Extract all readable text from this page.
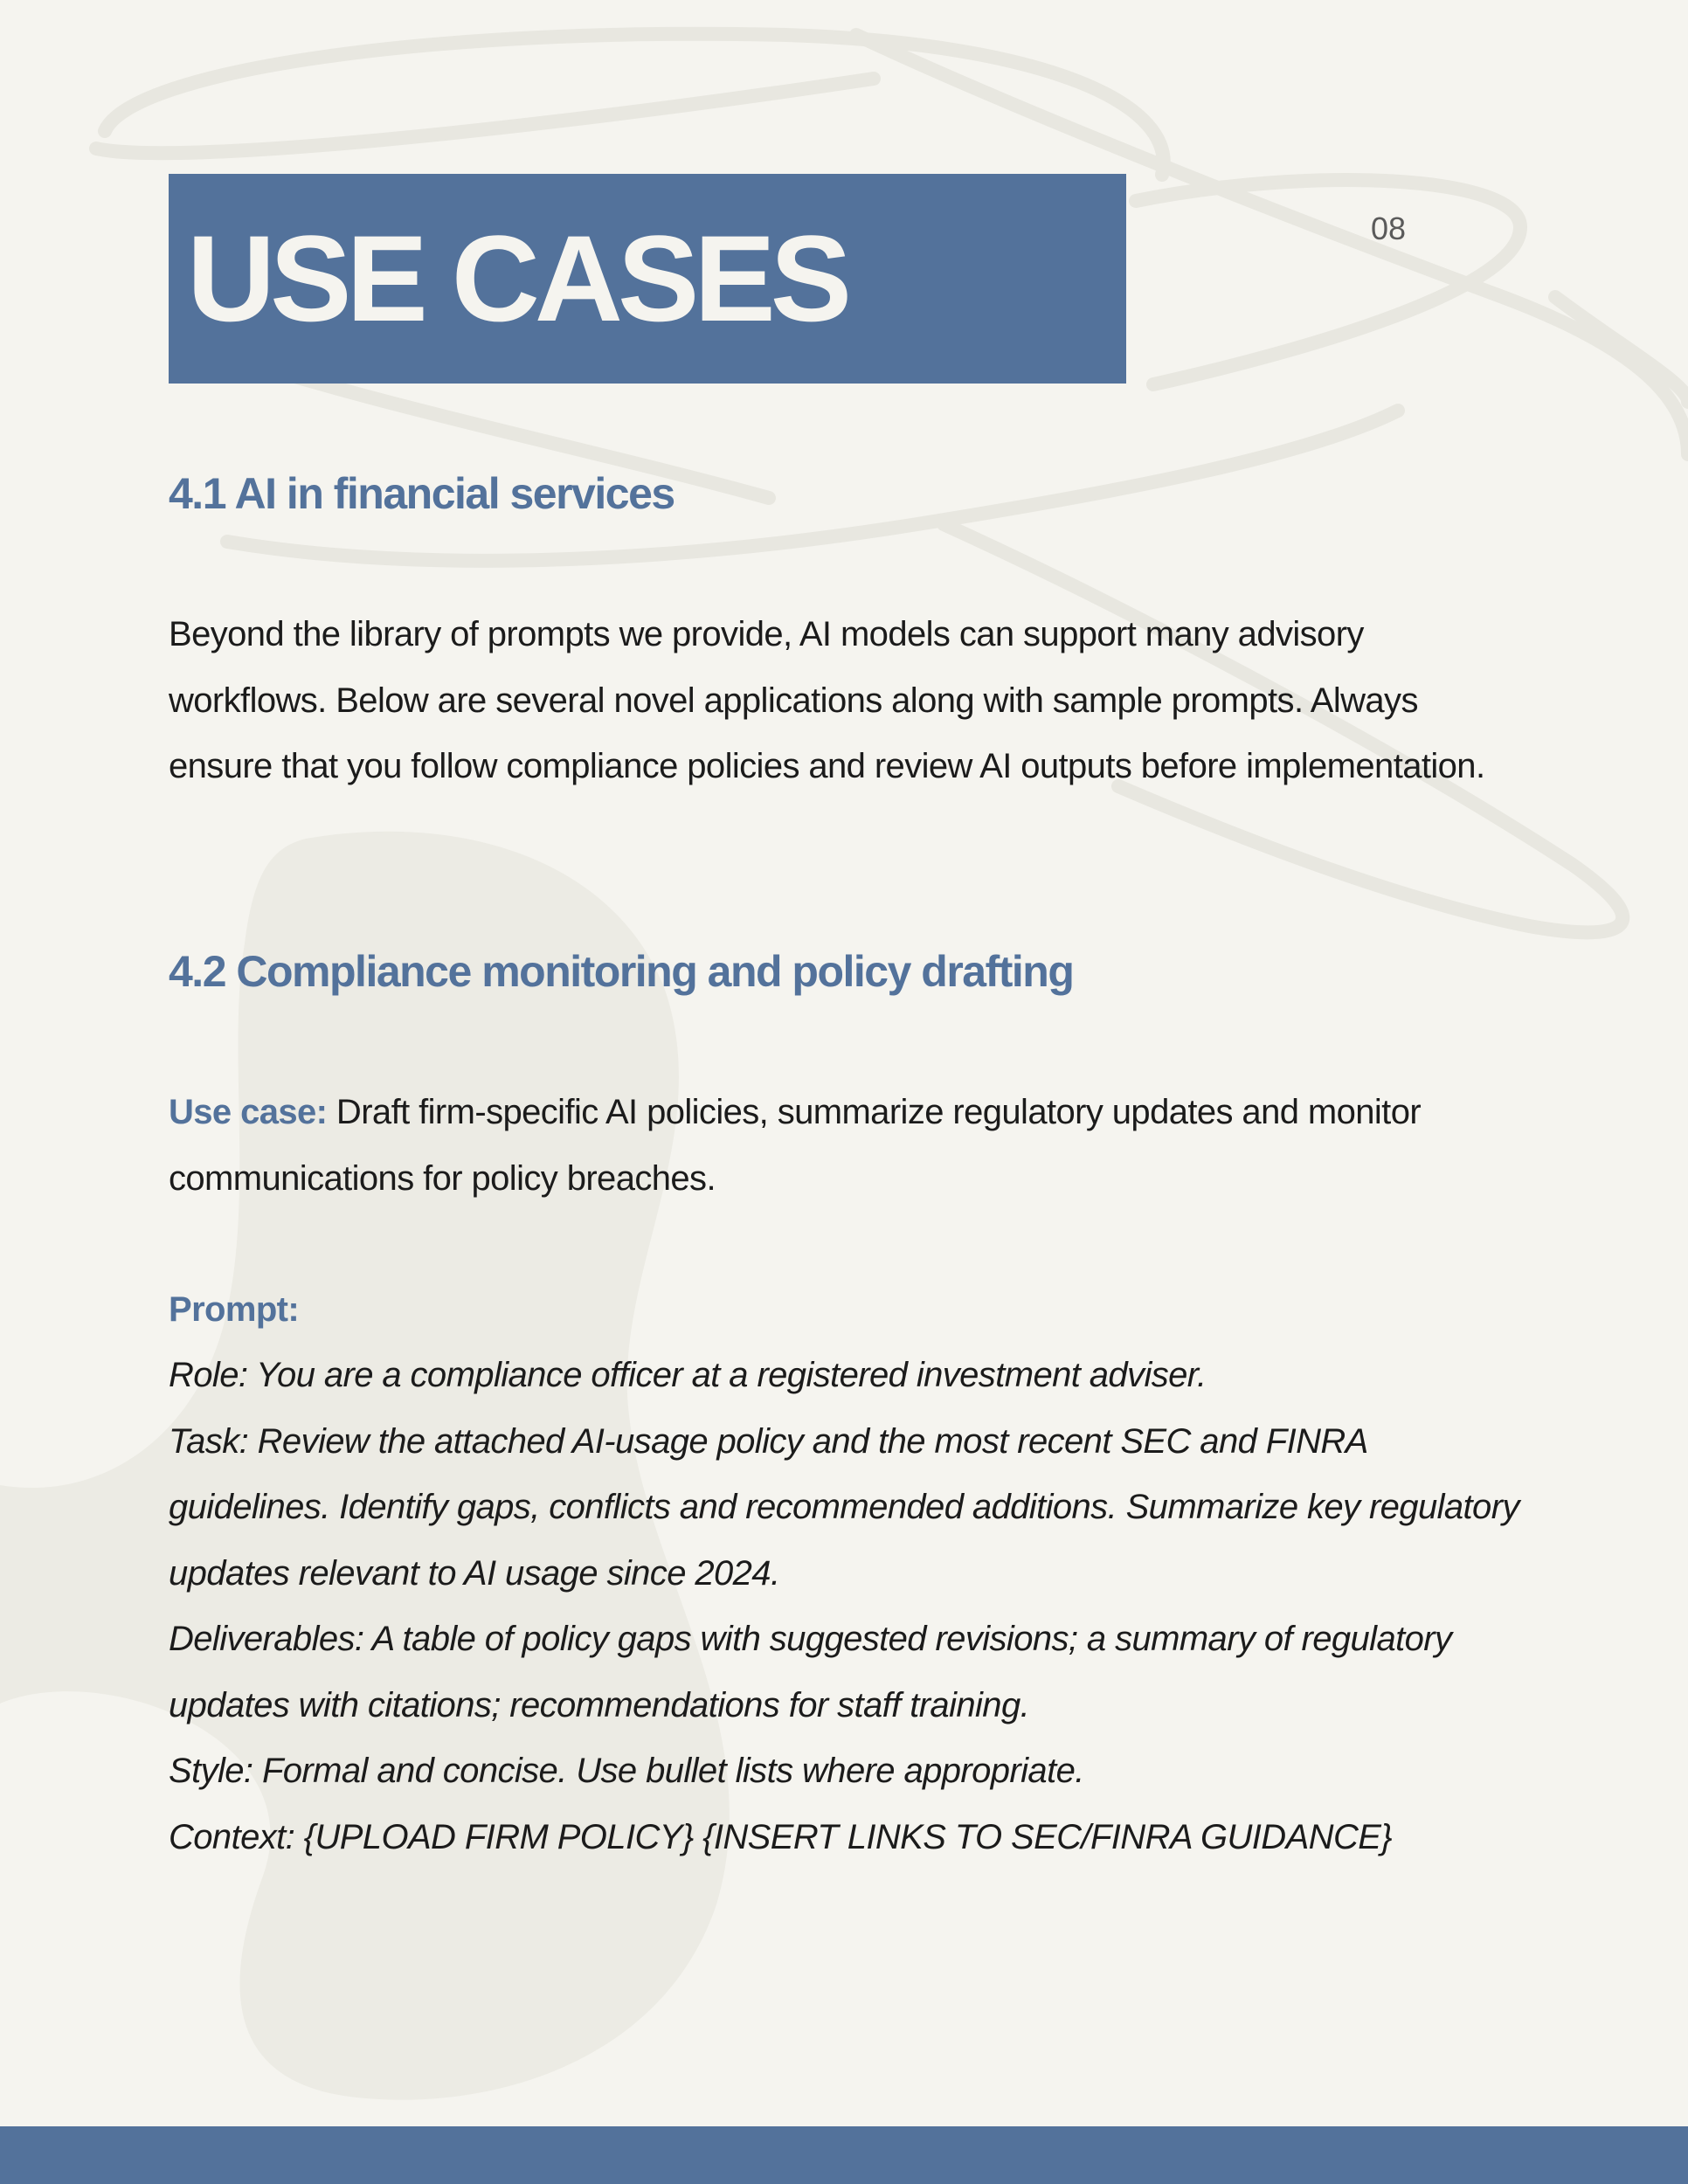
USE CASES	08
4.1 AI in financial services

Beyond the library of prompts we provide, AI models can support many advisory workflows. Below are several novel applications along with sample prompts. Always ensure that you follow compliance policies and review AI outputs before implementation.

4.2 Compliance monitoring and policy drafting

Use case: Draft firm-specific AI policies, summarize regulatory updates and monitor communications for policy breaches.

Prompt:
Role: You are a compliance officer at a registered investment adviser.
Task: Review the attached AI-usage policy and the most recent SEC and FINRA guidelines. Identify gaps, conflicts and recommended additions. Summarize key regulatory updates relevant to AI usage since 2024.
Deliverables: A table of policy gaps with suggested revisions; a summary of regulatory updates with citations; recommendations for staff training.
Style: Formal and concise. Use bullet lists where appropriate.
Context: {UPLOAD FIRM POLICY} {INSERT LINKS TO SEC/FINRA GUIDANCE}
